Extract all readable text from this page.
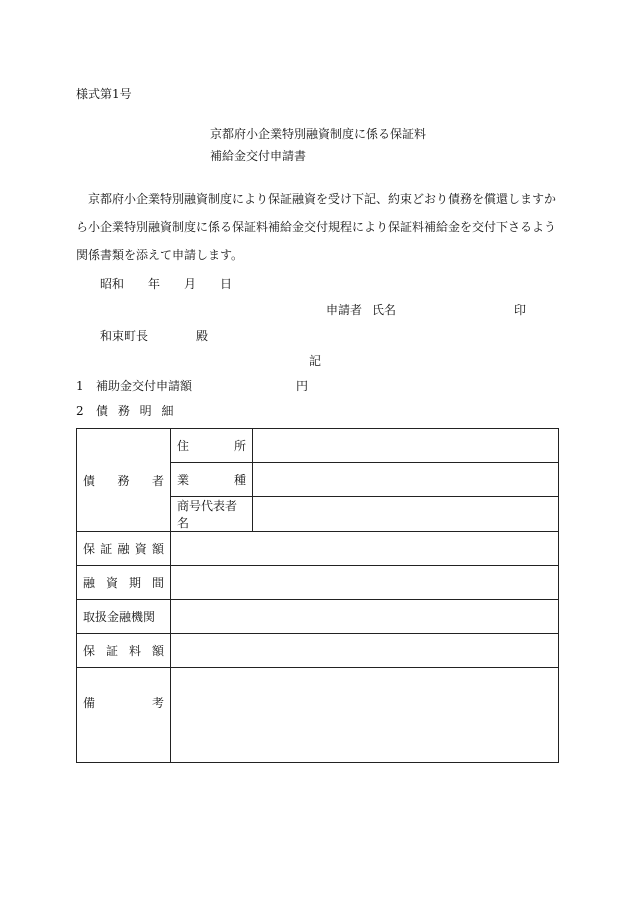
様式第1号
京都府小企業特別融資制度に係る保証料
補給金交付申請書
京都府小企業特別融資制度により保証融資を受け下記、約束どおり債務を償還しますか
ら小企業特別融資制度に係る保証料補給金交付規程により保証料補給金を交付下さるよう
関係書類を添えて申請します。
昭和 年 月 日
申請者 氏名	印
和束町長	殿
記
1 補助金交付申請額	円
2 債 務 明 細
債 務 者	住 所	

	業 種	

	商号代表者名	

保 証 融 資 額		

融 資 期 間		

取扱金融機関		

保 証 料 額		

備 考		
